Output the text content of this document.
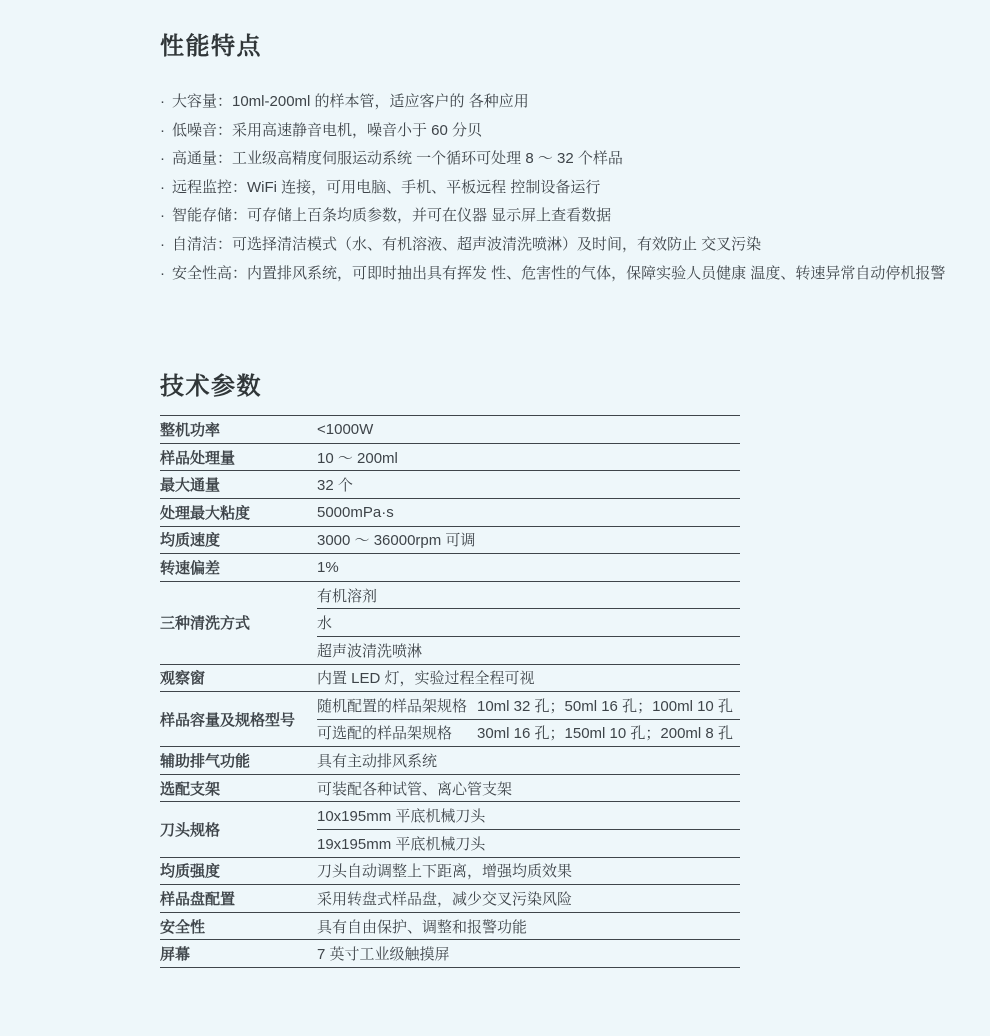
性能特点
· 大容量：10ml-200ml 的样本管，适应客户的 各种应用
· 低噪音：采用高速静音电机，噪音小于 60 分贝
· 高通量：工业级高精度伺服运动系统 一个循环可处理 8 ～ 32 个样品
· 远程监控：WiFi 连接，可用电脑、手机、平板远程 控制设备运行
· 智能存储：可存储上百条均质参数，并可在仪器 显示屏上查看数据
· 自清洁：可选择清洁模式（水、有机溶液、超声波清洗喷淋）及时间，有效防止 交叉污染
· 安全性高：内置排风系统，可即时抽出具有挥发 性、危害性的气体，保障实验人员健康 温度、转速异常自动停机报警
技术参数
整机功率	<1000W
样品处理量	10 ～ 200ml
最大通量	32 个
处理最大粘度	5000mPa·s
均质速度	3000 ～ 36000rpm 可调
转速偏差	1%
三种清洗方式	有机溶剂
	水
	超声波清洗喷淋
观察窗	内置 LED 灯，实验过程全程可视
样品容量及规格型号	随机配置的样品架规格 10ml 32 孔；50ml 16 孔；100ml 10 孔

	可选配的样品架规格 30ml 16 孔；150ml 10 孔；200ml 8 孔

辅助排气功能	具有主动排风系统
选配支架	可装配各种试管、离心管支架
刀头规格	10x195mm 平底机械刀头
	19x195mm 平底机械刀头
均质强度	刀头自动调整上下距离，增强均质效果
样品盘配置	采用转盘式样品盘，减少交叉污染风险
安全性	具有自由保护、调整和报警功能
屏幕	7 英寸工业级触摸屏
